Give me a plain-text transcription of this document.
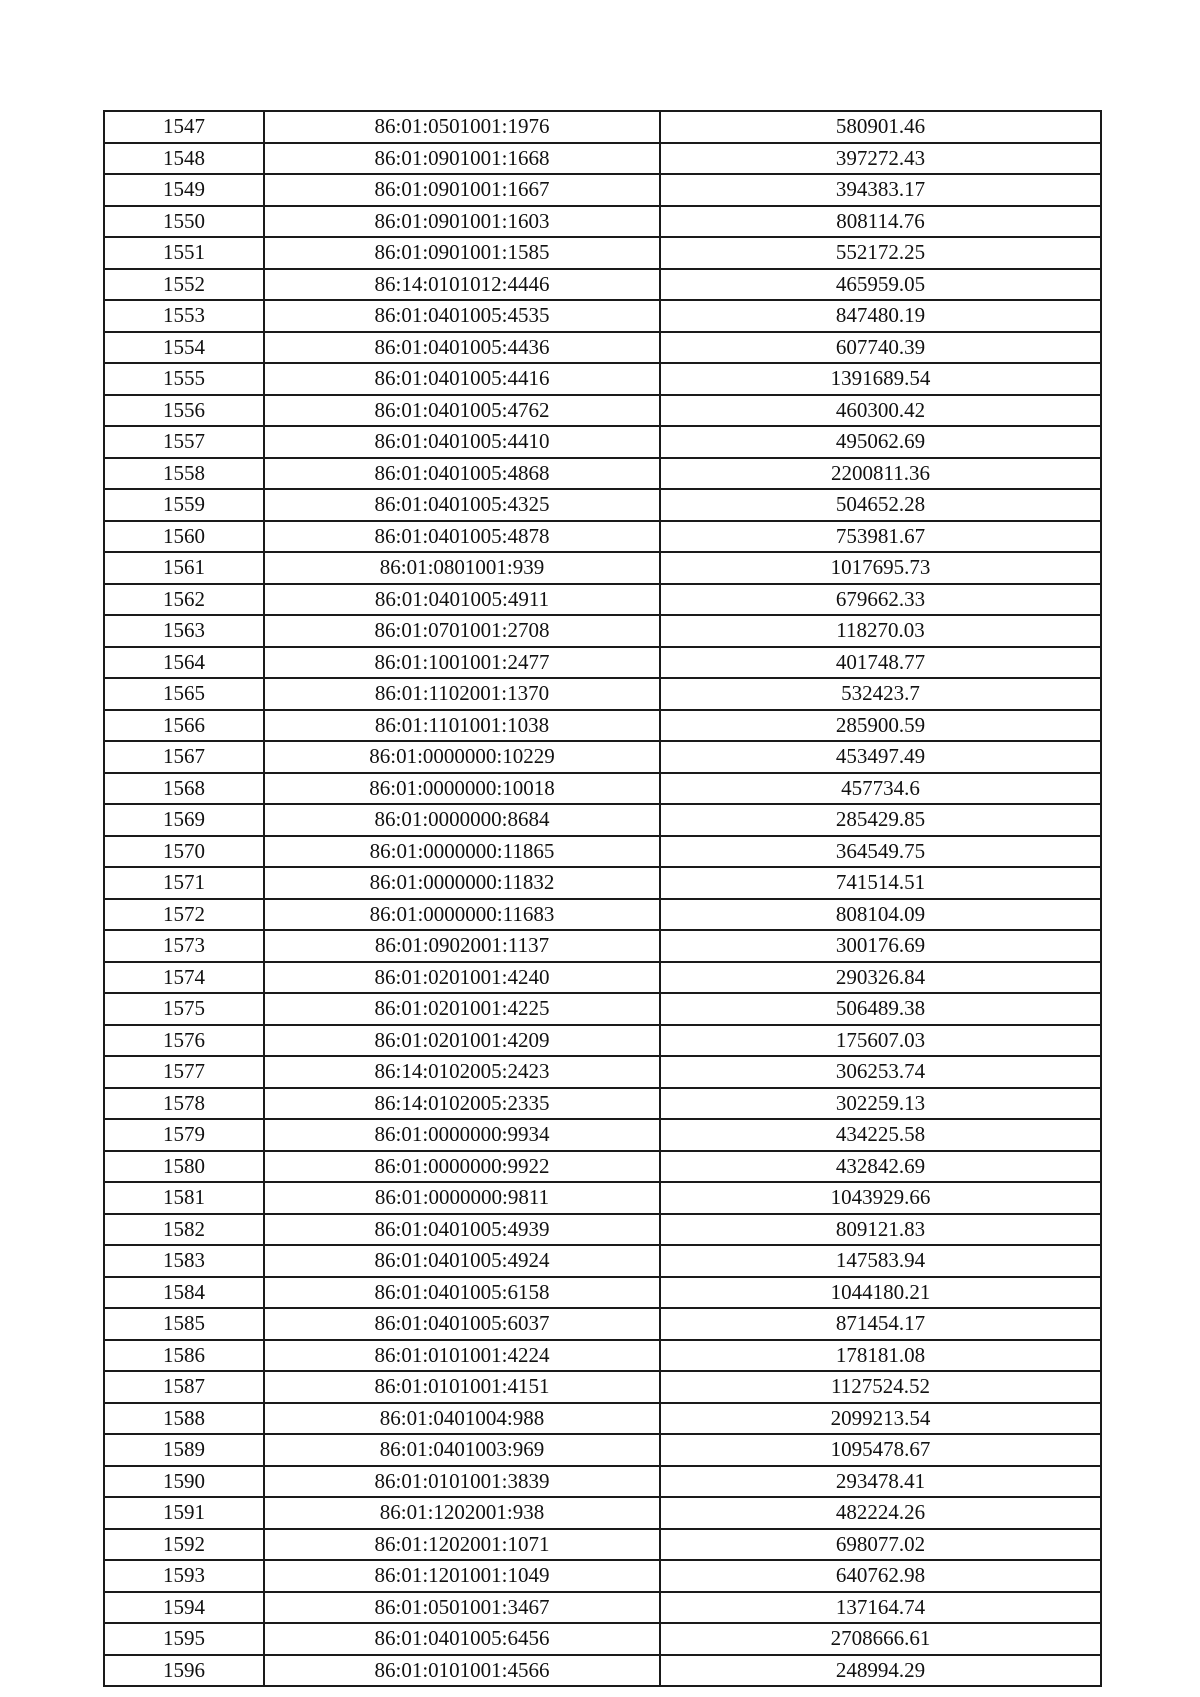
1547	86:01:0501001:1976	580901.46
1548	86:01:0901001:1668	397272.43
1549	86:01:0901001:1667	394383.17
1550	86:01:0901001:1603	808114.76
1551	86:01:0901001:1585	552172.25
1552	86:14:0101012:4446	465959.05
1553	86:01:0401005:4535	847480.19
1554	86:01:0401005:4436	607740.39
1555	86:01:0401005:4416	1391689.54
1556	86:01:0401005:4762	460300.42
1557	86:01:0401005:4410	495062.69
1558	86:01:0401005:4868	2200811.36
1559	86:01:0401005:4325	504652.28
1560	86:01:0401005:4878	753981.67
1561	86:01:0801001:939	1017695.73
1562	86:01:0401005:4911	679662.33
1563	86:01:0701001:2708	118270.03
1564	86:01:1001001:2477	401748.77
1565	86:01:1102001:1370	532423.7
1566	86:01:1101001:1038	285900.59
1567	86:01:0000000:10229	453497.49
1568	86:01:0000000:10018	457734.6
1569	86:01:0000000:8684	285429.85
1570	86:01:0000000:11865	364549.75
1571	86:01:0000000:11832	741514.51
1572	86:01:0000000:11683	808104.09
1573	86:01:0902001:1137	300176.69
1574	86:01:0201001:4240	290326.84
1575	86:01:0201001:4225	506489.38
1576	86:01:0201001:4209	175607.03
1577	86:14:0102005:2423	306253.74
1578	86:14:0102005:2335	302259.13
1579	86:01:0000000:9934	434225.58
1580	86:01:0000000:9922	432842.69
1581	86:01:0000000:9811	1043929.66
1582	86:01:0401005:4939	809121.83
1583	86:01:0401005:4924	147583.94
1584	86:01:0401005:6158	1044180.21
1585	86:01:0401005:6037	871454.17
1586	86:01:0101001:4224	178181.08
1587	86:01:0101001:4151	1127524.52
1588	86:01:0401004:988	2099213.54
1589	86:01:0401003:969	1095478.67
1590	86:01:0101001:3839	293478.41
1591	86:01:1202001:938	482224.26
1592	86:01:1202001:1071	698077.02
1593	86:01:1201001:1049	640762.98
1594	86:01:0501001:3467	137164.74
1595	86:01:0401005:6456	2708666.61
1596	86:01:0101001:4566	248994.29
